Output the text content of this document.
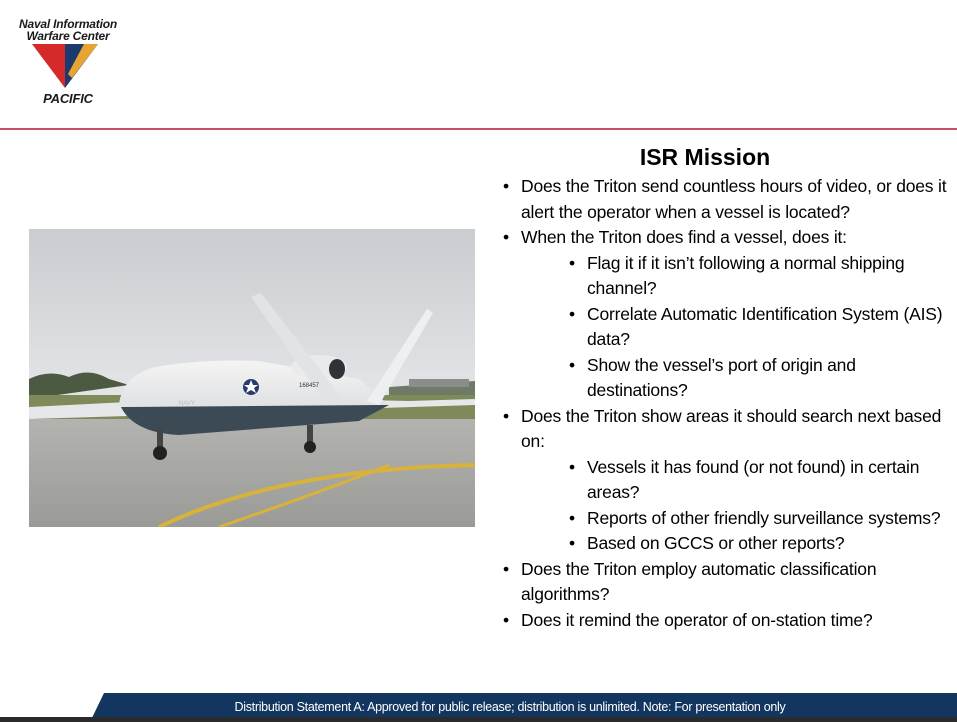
Naval Information
Warfare Center
PACIFIC
168457
NAVY
ISR Mission
• Does the Triton send countless hours of video, or does it alert the operator when a vessel is located?
• When the Triton does find a vessel, does it:
• Flag it if it isn’t following a normal shipping channel?
• Correlate Automatic Identification System (AIS) data?
• Show the vessel’s port of origin and destinations?
• Does the Triton show areas it should search next based on:
• Vessels it has found (or not found) in certain areas?
• Reports of other friendly surveillance systems?
• Based on GCCS or other reports?
• Does the Triton employ automatic classification algorithms?
• Does it remind the operator of on-station time?
Distribution Statement A: Approved for public release; distribution is unlimited. Note: For presentation only
